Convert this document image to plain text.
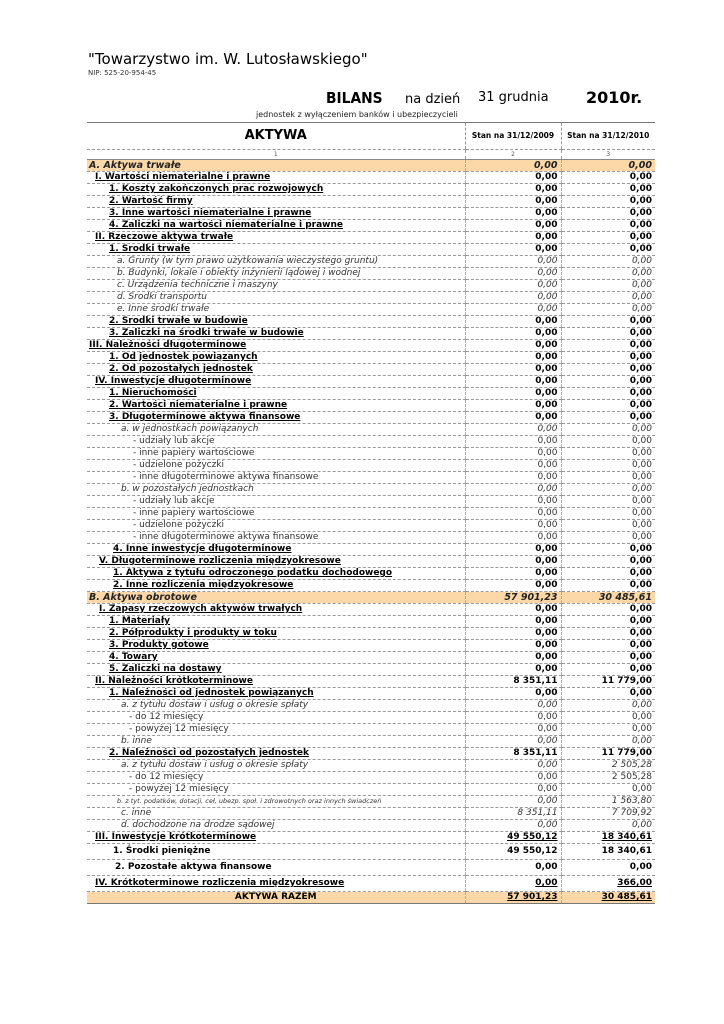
"Towarzystwo im. W. Lutosławskiego"
NIP: 525-20-954-45
BILANS na dzień 31 grudnia 2010r.
jednostek z wyłączeniem banków i ubezpieczycieli
AKTYWA	Stan na 31/12/2009	Stan na 31/12/2010
1	2	3
A. Aktywa trwałe	0,00	0,00
I. Wartości niematerialne i prawne	0,00	0,00
1. Koszty zakończonych prac rozwojowych	0,00	0,00
2. Wartość firmy	0,00	0,00
3. Inne wartości niematerialne i prawne	0,00	0,00
4. Zaliczki na wartości niematerialne i prawne	0,00	0,00
II. Rzeczowe aktywa trwałe	0,00	0,00
1. Środki trwałe	0,00	0,00
a. Grunty (w tym prawo użytkowania wieczystego gruntu)	0,00	0,00
b. Budynki, lokale i obiekty inżynierii lądowej i wodnej	0,00	0,00
c. Urządzenia techniczne i maszyny	0,00	0,00
d. Środki transportu	0,00	0,00
e. Inne środki trwałe	0,00	0,00
2. Środki trwałe w budowie	0,00	0,00
3. Zaliczki na środki trwałe w budowie	0,00	0,00
III. Należności długoterminowe	0,00	0,00
1. Od jednostek powiązanych	0,00	0,00
2. Od pozostałych jednostek	0,00	0,00
IV. Inwestycje długoterminowe	0,00	0,00
1. Nieruchomości	0,00	0,00
2. Wartości niematerialne i prawne	0,00	0,00
3. Długoterminowe aktywa finansowe	0,00	0,00
a. w jednostkach powiązanych	0,00	0,00
- udziały lub akcje	0,00	0,00
- inne papiery wartościowe	0,00	0,00
- udzielone pożyczki	0,00	0,00
- inne długoterminowe aktywa finansowe	0,00	0,00
b. w pozostałych jednostkach	0,00	0,00
- udziały lub akcje	0,00	0,00
- inne papiery wartościowe	0,00	0,00
- udzielone pożyczki	0,00	0,00
- inne długoterminowe aktywa finansowe	0,00	0,00
4. Inne inwestycje długoterminowe	0,00	0,00
V. Długoterminowe rozliczenia międzyokresowe	0,00	0,00
1. Aktywa z tytułu odroczonego podatku dochodowego	0,00	0,00
2. Inne rozliczenia międzyokresowe	0,00	0,00
B. Aktywa obrotowe	57 901,23	30 485,61
I. Zapasy rzeczowych aktywów trwałych	0,00	0,00
1. Materiały	0,00	0,00
2. Półprodukty i produkty w toku	0,00	0,00
3. Produkty gotowe	0,00	0,00
4. Towary	0,00	0,00
5. Zaliczki na dostawy	0,00	0,00
II. Należności krótkoterminowe	8 351,11	11 779,00
1. Należności od jednostek powiązanych	0,00	0,00
a. z tytułu dostaw i usług o okresie spłaty	0,00	0,00
- do 12 miesięcy	0,00	0,00
- powyżej 12 miesięcy	0,00	0,00
b. inne	0,00	0,00
2. Należności od pozostałych jednostek	8 351,11	11 779,00
a. z tytułu dostaw i usług o okresie spłaty	0,00	2 505,28
- do 12 miesięcy	0,00	2 505,28
- powyżej 12 miesięcy	0,00	0,00
b. z tyt. podatków, dotacji, ceł, ubezp. społ. i zdrowotnych oraz innych świadczeń	0,00	1 563,80
c. inne	8 351,11	7 709,92
d. dochodzone na drodze sądowej	0,00	0,00
III. Inwestycje krótkoterminowe	49 550,12	18 340,61
1. Środki pieniężne	49 550,12	18 340,61
2. Pozostałe aktywa finansowe	0,00	0,00
IV. Krótkoterminowe rozliczenia międzyokresowe	0,00	366,00
AKTYWA RAZEM	57 901,23	30 485,61
